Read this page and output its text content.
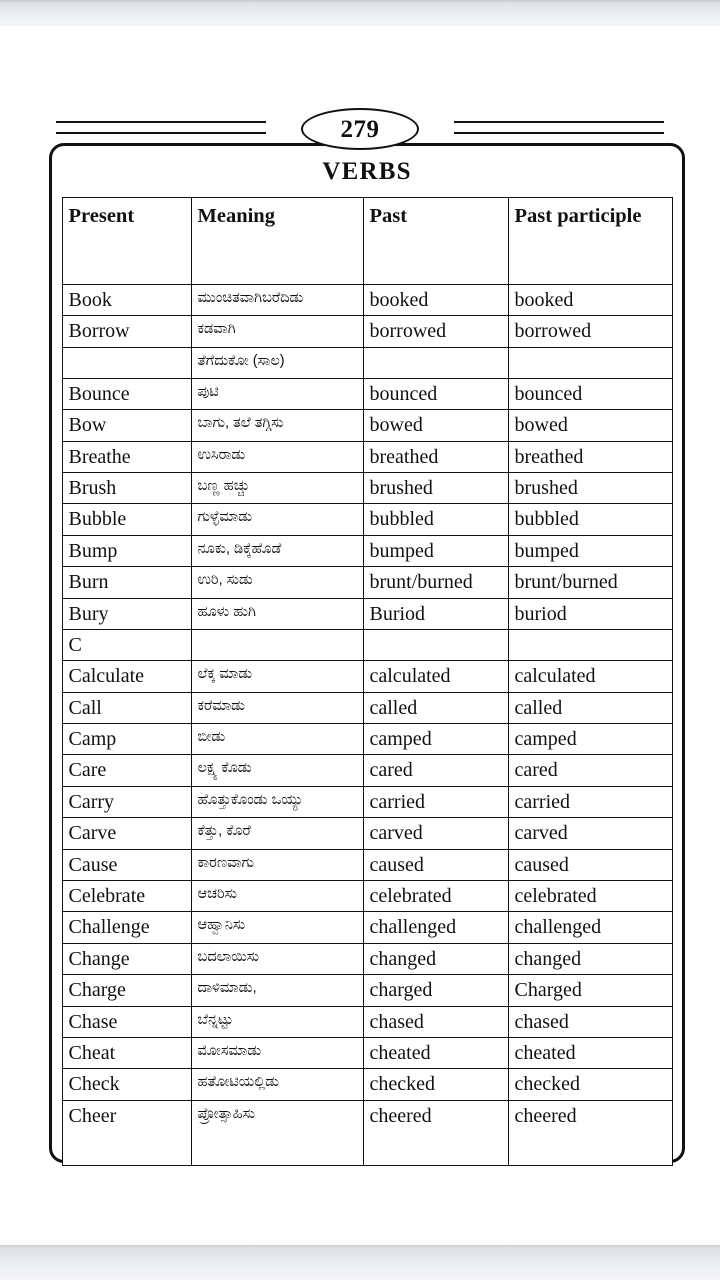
279
VERBS
Present	Meaning	Past	Past participle
Book	ಮುಂಚಿತವಾಗಿಬರೆದಿಡು	booked	booked
Borrow	ಕಡವಾಗಿ	borrowed	borrowed
	ತೆಗೆದುಕೋ (ಸಾಲ)		
Bounce	ಪುಟಿ	bounced	bounced
Bow	ಬಾಗು, ತಲೆ ತಗ್ಗಿಸು	bowed	bowed
Breathe	ಉಸಿರಾಡು	breathed	breathed
Brush	ಬಣ್ಣ ಹಚ್ಚು	brushed	brushed
Bubble	ಗುಳ್ಳೆಮಾಡು	bubbled	bubbled
Bump	ನೂಕು, ಡಿಕ್ಕೆಹೊಡೆ	bumped	bumped
Burn	ಉರಿ, ಸುಡು	brunt/burned	brunt/burned
Bury	ಹೂಳು ಹುಗಿ	Buriod	buriod
C			
Calculate	ಲೆಕ್ಕ ಮಾಡು	calculated	calculated
Call	ಕರೆಮಾಡು	called	called
Camp	ಬೀಡು	camped	camped
Care	ಲಕ್ಷ್ಯ ಕೊಡು	cared	cared
Carry	ಹೊತ್ತುಕೊಂಡು ಒಯ್ಯು	carried	carried
Carve	ಕೆತ್ತು, ಕೊರೆ	carved	carved
Cause	ಕಾರಣವಾಗು	caused	caused
Celebrate	ಆಚರಿಸು	celebrated	celebrated
Challenge	ಆಹ್ವಾನಿಸು	challenged	challenged
Change	ಬದಲಾಯಿಸು	changed	changed
Charge	ದಾಳಿಮಾಡು,	charged	Charged
Chase	ಬೆನ್ನಟ್ಟು	chased	chased
Cheat	ಮೋಸಮಾಡು	cheated	cheated
Check	ಹತೋಟಿಯಲ್ಲಿಡು	checked	checked
Cheer	ಪ್ರೋತ್ಸಾಹಿಸು	cheered	cheered
